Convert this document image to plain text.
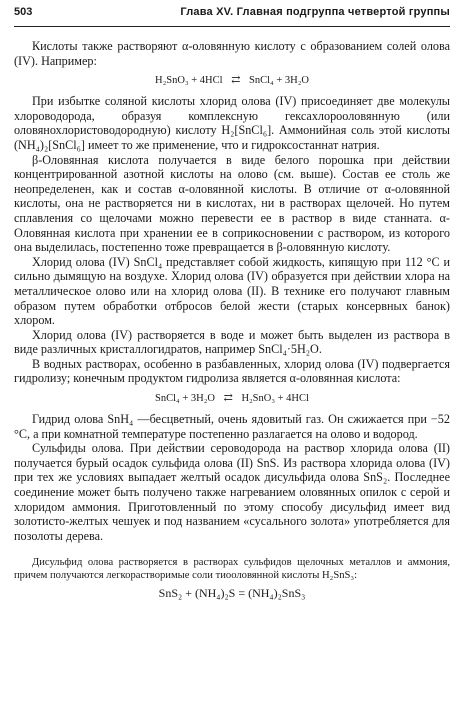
503	Глава XV. Главная подгруппа четвертой группы

Кислоты также растворяют α-оловянную кислоту с образованием солей олова (IV). Например:

H₂SnO₃ + 4HCl ⇄ SnCl₄ + 3H₂O

При избытке соляной кислоты хлорид олова (IV) присоединяет две молекулы хлороводорода, образуя комплексную гексахлорооловянную (или оловянохлористоводородную) кислоту H₂[SnCl₆]. Аммонийная соль этой кислоты (NH₄)₂[SnCl₆] имеет то же применение, что и гидроксостаннат натрия.

β-Оловянная кислота получается в виде белого порошка при действии концентрированной азотной кислоты на олово (см. выше). Состав ее столь же неопределенен, как и состав α-оловянной кислоты. В отличие от α-оловянной кислоты, она не растворяется ни в кислотах, ни в растворах щелочей. Но путем сплавления со щелочами можно перевести ее в раствор в виде станната. α-Оловянная кислота при хранении ее в соприкосновении с раствором, из которого она выделилась, постепенно тоже превращается в β-оловянную кислоту.

Хлорид олова (IV) SnCl₄ представляет собой жидкость, кипящую при 112 °С и сильно дымящую на воздухе. Хлорид олова (IV) образуется при действии хлора на металлическое олово или на хлорид олова (II). В технике его получают главным образом путем обработки отбросов белой жести (старых консервных банок) хлором.

Хлорид олова (IV) растворяется в воде и может быть выделен из раствора в виде различных кристаллогидратов, например SnCl₄·5H₂O.

В водных растворах, особенно в разбавленных, хлорид олова (IV) подвергается гидролизу; конечным продуктом гидролиза является α-оловянная кислота:

SnCl₄ + 3H₂O ⇄ H₂SnO₃ + 4HCl

Гидрид олова SnH₄ —бесцветный, очень ядовитый газ. Он сжижается при −52 °С, а при комнатной температуре постепенно разлагается на олово и водород.

Сульфиды олова. При действии сероводорода на раствор хлорида олова (II) получается бурый осадок сульфида олова (II) SnS. Из раствора хлорида олова (IV) при тех же условиях выпадает желтый осадок дисульфида олова SnS₂. Последнее соединение может быть получено также нагреванием оловянных опилок с серой и хлоридом аммония. Приготовленный по этому способу дисульфид имеет вид золотисто-желтых чешуек и под названием «сусального золота» употребляется для позолоты дерева.

Дисульфид олова растворяется в растворах сульфидов щелочных металлов и аммония, причем получаются легкорастворимые соли тиооловянной кислоты H₂SnS₃:

SnS₂ + (NH₄)₂S = (NH₄)₂SnS₃
